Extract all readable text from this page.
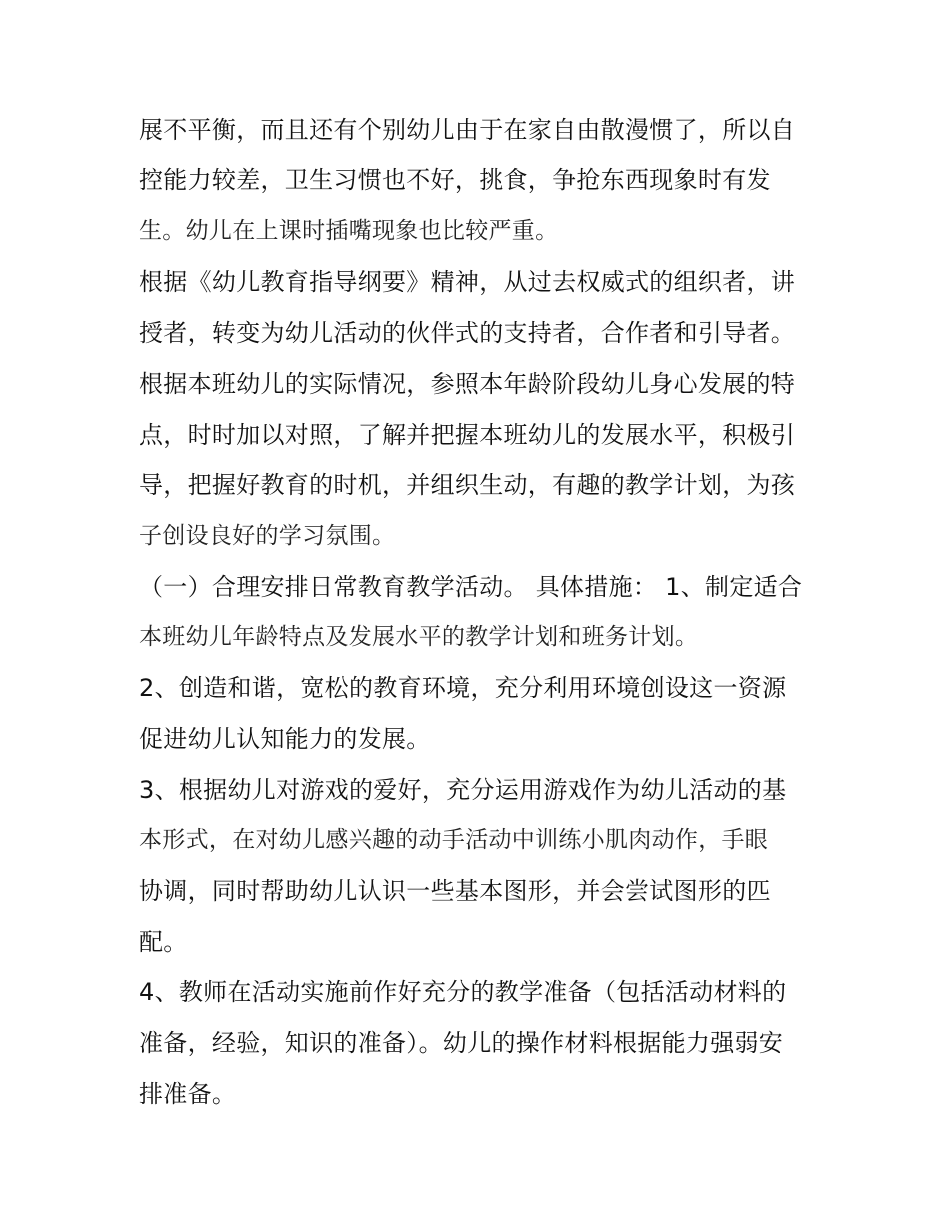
展不平衡，而且还有个别幼儿由于在家自由散漫惯了，所以自
控能力较差，卫生习惯也不好，挑食，争抢东西现象时有发
生。幼儿在上课时插嘴现象也比较严重。
根据《幼儿教育指导纲要》精神，从过去权威式的组织者，讲
授者，转变为幼儿活动的伙伴式的支持者，合作者和引导者。
根据本班幼儿的实际情况，参照本年龄阶段幼儿身心发展的特
点，时时加以对照，了解并把握本班幼儿的发展水平，积极引
导，把握好教育的时机，并组织生动，有趣的教学计划，为孩
子创设良好的学习氛围。
（一）合理安排日常教育教学活动。 具体措施： 1、制定适合
本班幼儿年龄特点及发展水平的教学计划和班务计划。
2、创造和谐，宽松的教育环境，充分利用环境创设这一资源
促进幼儿认知能力的发展。
3、根据幼儿对游戏的爱好，充分运用游戏作为幼儿活动的基
本形式，在对幼儿感兴趣的动手活动中训练小肌肉动作，手眼
协调，同时帮助幼儿认识一些基本图形，并会尝试图形的匹
配。
4、教师在活动实施前作好充分的教学准备（包括活动材料的
准备，经验，知识的准备）。幼儿的操作材料根据能力强弱安
排准备。
